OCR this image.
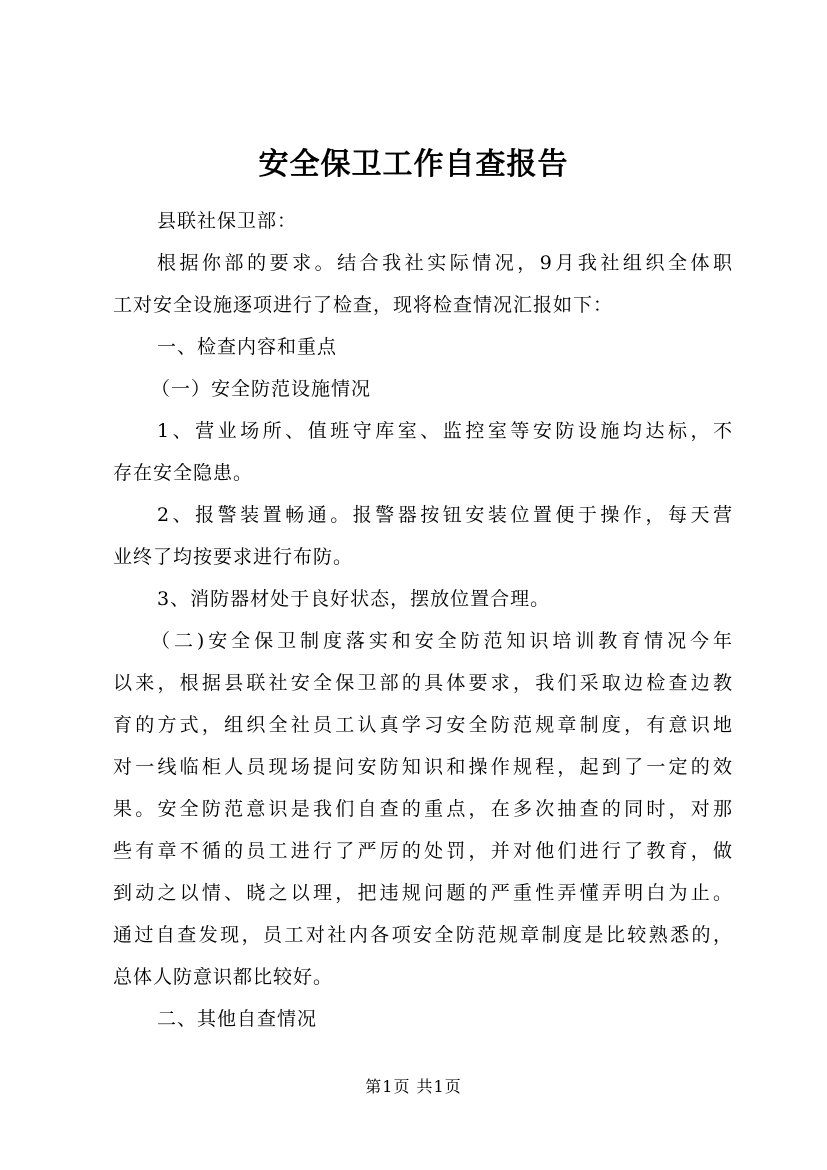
安全保卫工作自查报告
县联社保卫部：
根据你部的要求。结合我社实际情况，9月我社组织全体职
工对安全设施逐项进行了检查，现将检查情况汇报如下：
一、检查内容和重点
（一）安全防范设施情况
1、营业场所、值班守库室、监控室等安防设施均达标，不
存在安全隐患。
2、报警装置畅通。报警器按钮安装位置便于操作，每天营
业终了均按要求进行布防。
3、消防器材处于良好状态，摆放位置合理。
（二)安全保卫制度落实和安全防范知识培训教育情况今年
以来，根据县联社安全保卫部的具体要求，我们采取边检查边教
育的方式，组织全社员工认真学习安全防范规章制度，有意识地
对一线临柜人员现场提问安防知识和操作规程，起到了一定的效
果。安全防范意识是我们自查的重点，在多次抽查的同时，对那
些有章不循的员工进行了严厉的处罚，并对他们进行了教育，做
到动之以情、晓之以理，把违规问题的严重性弄懂弄明白为止。
通过自查发现，员工对社内各项安全防范规章制度是比较熟悉的，
总体人防意识都比较好。
二、其他自查情况
第1页 共1页
